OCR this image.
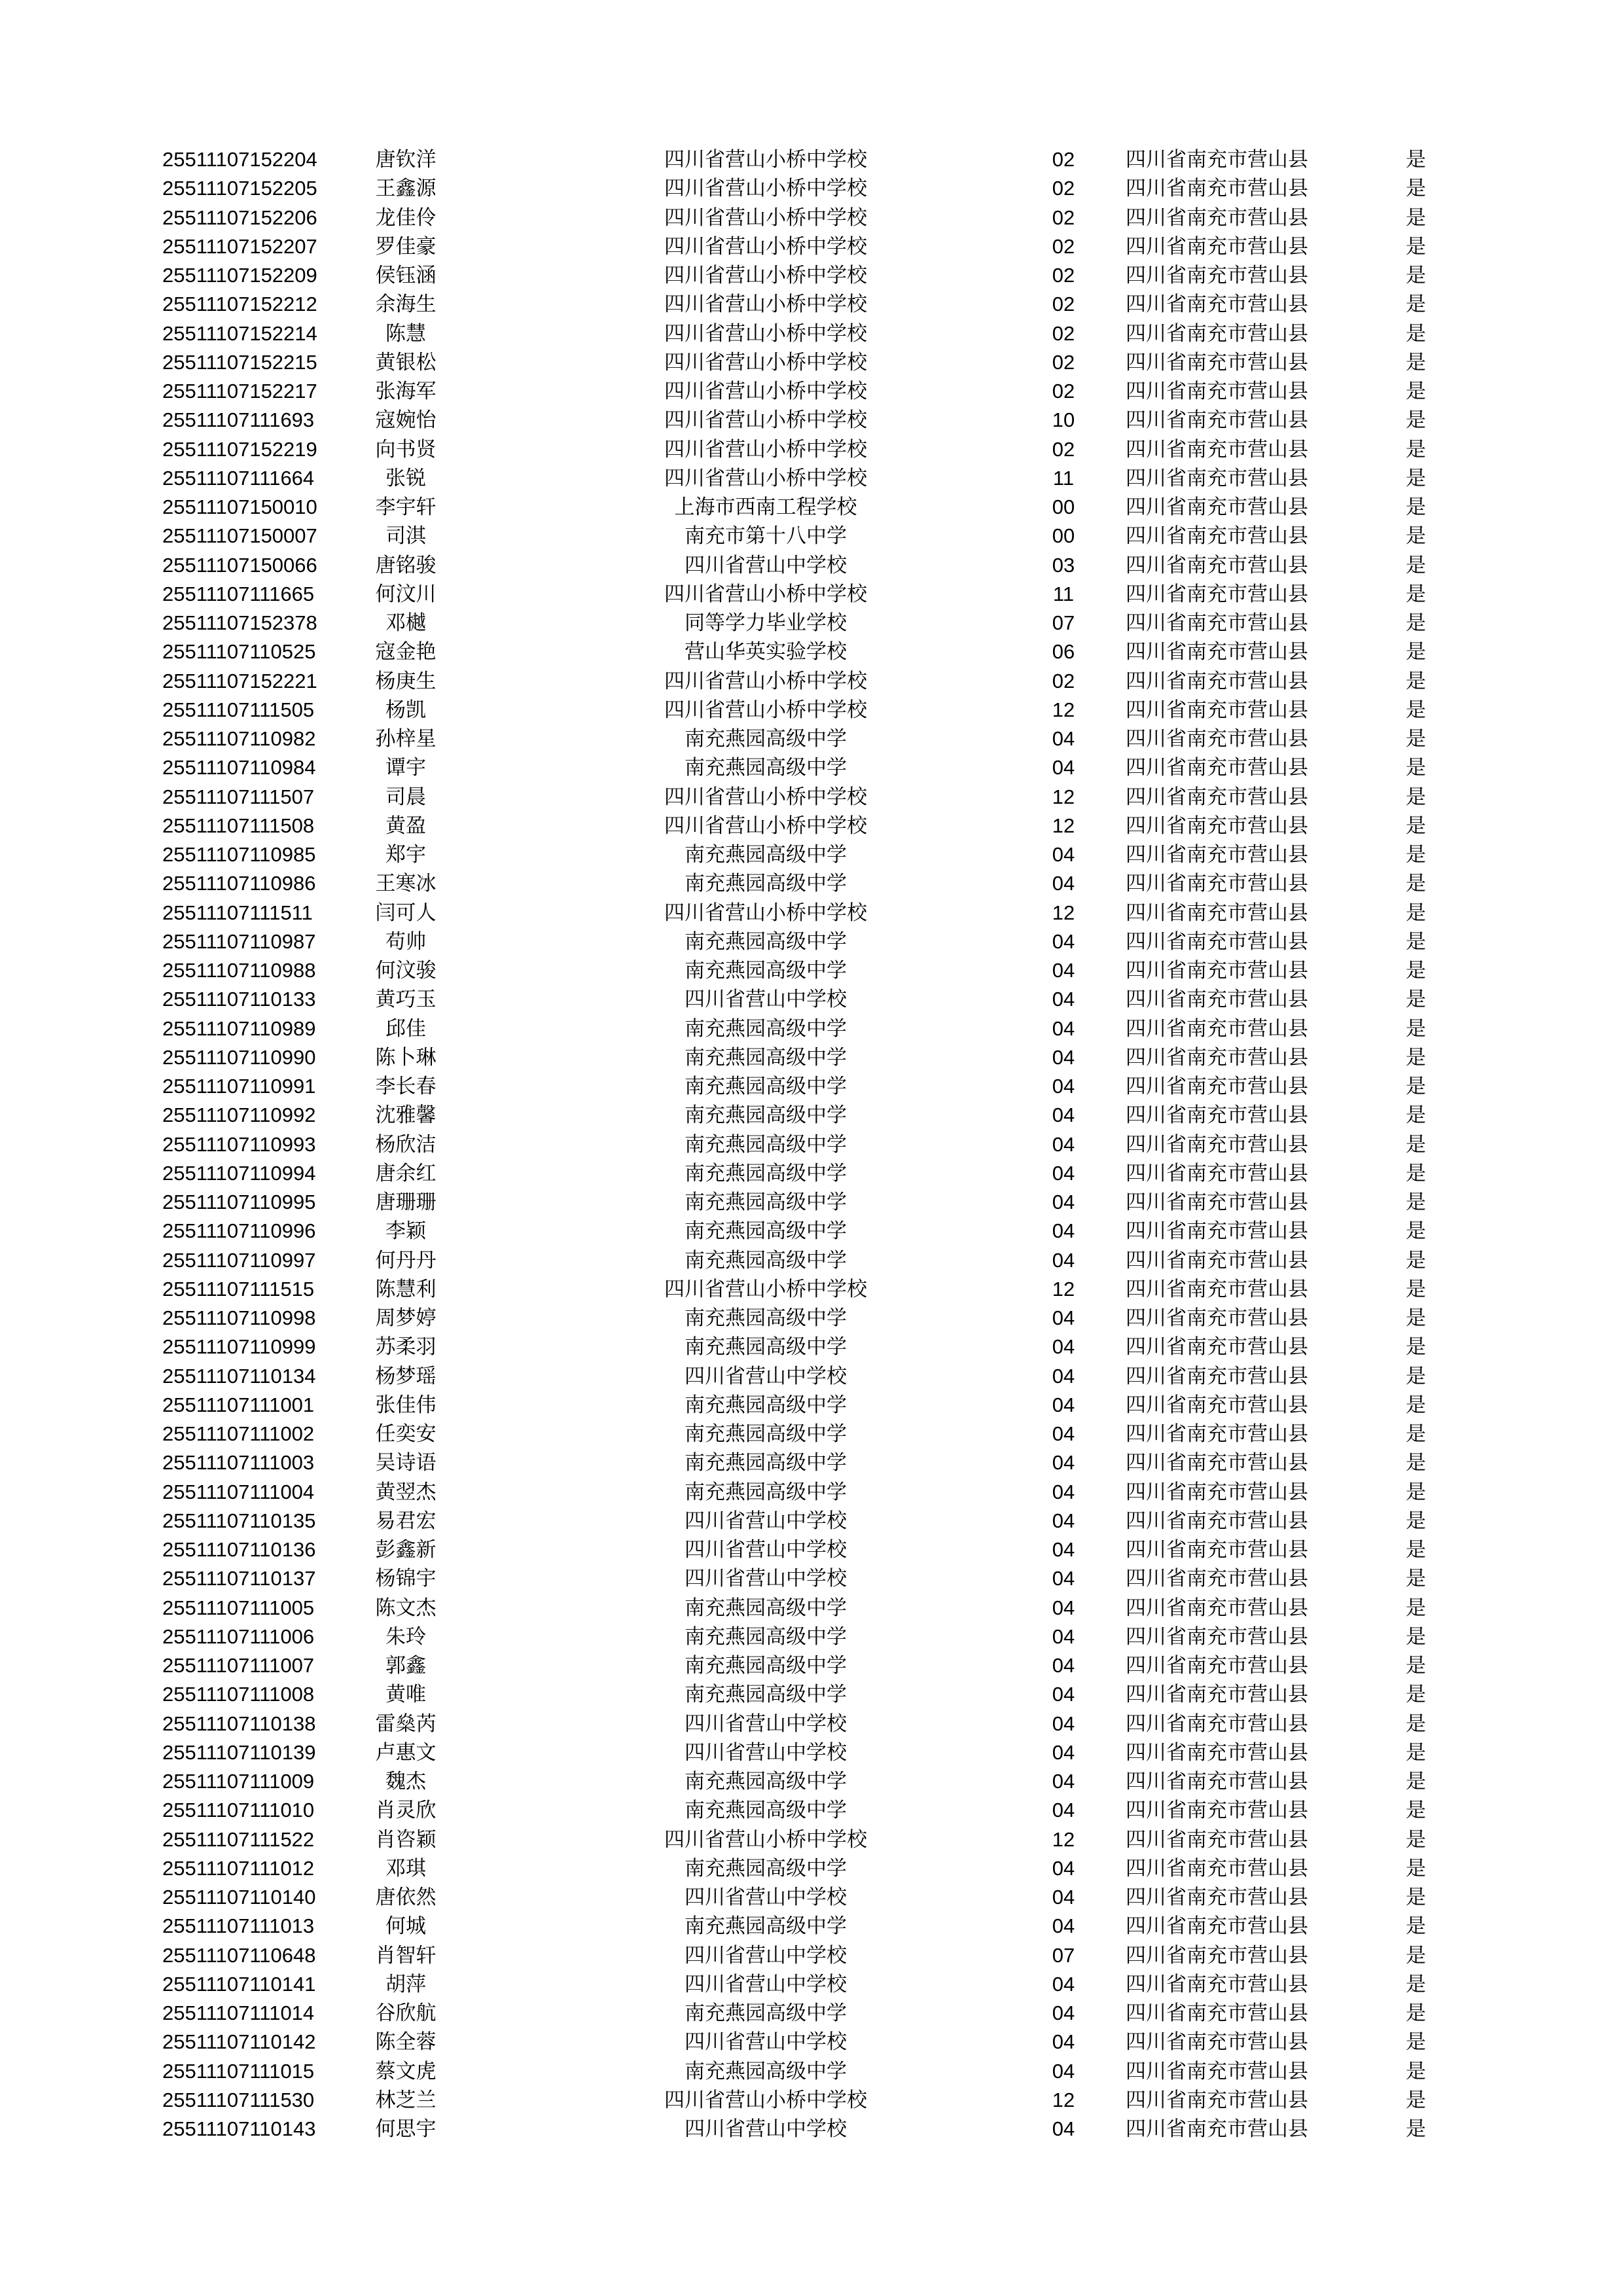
25511107152204	唐钦洋	四川省营山小桥中学校	02	四川省南充市营山县	是
25511107152205	王鑫源	四川省营山小桥中学校	02	四川省南充市营山县	是
25511107152206	龙佳伶	四川省营山小桥中学校	02	四川省南充市营山县	是
25511107152207	罗佳豪	四川省营山小桥中学校	02	四川省南充市营山县	是
25511107152209	侯钰涵	四川省营山小桥中学校	02	四川省南充市营山县	是
25511107152212	余海生	四川省营山小桥中学校	02	四川省南充市营山县	是
25511107152214	陈慧	四川省营山小桥中学校	02	四川省南充市营山县	是
25511107152215	黄银松	四川省营山小桥中学校	02	四川省南充市营山县	是
25511107152217	张海军	四川省营山小桥中学校	02	四川省南充市营山县	是
25511107111693	寇婉怡	四川省营山小桥中学校	10	四川省南充市营山县	是
25511107152219	向书贤	四川省营山小桥中学校	02	四川省南充市营山县	是
25511107111664	张锐	四川省营山小桥中学校	11	四川省南充市营山县	是
25511107150010	李宇轩	上海市西南工程学校	00	四川省南充市营山县	是
25511107150007	司淇	南充市第十八中学	00	四川省南充市营山县	是
25511107150066	唐铭骏	四川省营山中学校	03	四川省南充市营山县	是
25511107111665	何汶川	四川省营山小桥中学校	11	四川省南充市营山县	是
25511107152378	邓樾	同等学力毕业学校	07	四川省南充市营山县	是
25511107110525	寇金艳	营山华英实验学校	06	四川省南充市营山县	是
25511107152221	杨庚生	四川省营山小桥中学校	02	四川省南充市营山县	是
25511107111505	杨凯	四川省营山小桥中学校	12	四川省南充市营山县	是
25511107110982	孙梓星	南充燕园高级中学	04	四川省南充市营山县	是
25511107110984	谭宇	南充燕园高级中学	04	四川省南充市营山县	是
25511107111507	司晨	四川省营山小桥中学校	12	四川省南充市营山县	是
25511107111508	黄盈	四川省营山小桥中学校	12	四川省南充市营山县	是
25511107110985	郑宇	南充燕园高级中学	04	四川省南充市营山县	是
25511107110986	王寒冰	南充燕园高级中学	04	四川省南充市营山县	是
25511107111511	闫可人	四川省营山小桥中学校	12	四川省南充市营山县	是
25511107110987	苟帅	南充燕园高级中学	04	四川省南充市营山县	是
25511107110988	何汶骏	南充燕园高级中学	04	四川省南充市营山县	是
25511107110133	黄巧玉	四川省营山中学校	04	四川省南充市营山县	是
25511107110989	邱佳	南充燕园高级中学	04	四川省南充市营山县	是
25511107110990	陈卜琳	南充燕园高级中学	04	四川省南充市营山县	是
25511107110991	李长春	南充燕园高级中学	04	四川省南充市营山县	是
25511107110992	沈雅馨	南充燕园高级中学	04	四川省南充市营山县	是
25511107110993	杨欣洁	南充燕园高级中学	04	四川省南充市营山县	是
25511107110994	唐余红	南充燕园高级中学	04	四川省南充市营山县	是
25511107110995	唐珊珊	南充燕园高级中学	04	四川省南充市营山县	是
25511107110996	李颖	南充燕园高级中学	04	四川省南充市营山县	是
25511107110997	何丹丹	南充燕园高级中学	04	四川省南充市营山县	是
25511107111515	陈慧利	四川省营山小桥中学校	12	四川省南充市营山县	是
25511107110998	周梦婷	南充燕园高级中学	04	四川省南充市营山县	是
25511107110999	苏柔羽	南充燕园高级中学	04	四川省南充市营山县	是
25511107110134	杨梦瑶	四川省营山中学校	04	四川省南充市营山县	是
25511107111001	张佳伟	南充燕园高级中学	04	四川省南充市营山县	是
25511107111002	任奕安	南充燕园高级中学	04	四川省南充市营山县	是
25511107111003	吴诗语	南充燕园高级中学	04	四川省南充市营山县	是
25511107111004	黄翌杰	南充燕园高级中学	04	四川省南充市营山县	是
25511107110135	易君宏	四川省营山中学校	04	四川省南充市营山县	是
25511107110136	彭鑫新	四川省营山中学校	04	四川省南充市营山县	是
25511107110137	杨锦宇	四川省营山中学校	04	四川省南充市营山县	是
25511107111005	陈文杰	南充燕园高级中学	04	四川省南充市营山县	是
25511107111006	朱玲	南充燕园高级中学	04	四川省南充市营山县	是
25511107111007	郭鑫	南充燕园高级中学	04	四川省南充市营山县	是
25511107111008	黄唯	南充燕园高级中学	04	四川省南充市营山县	是
25511107110138	雷燊芮	四川省营山中学校	04	四川省南充市营山县	是
25511107110139	卢惠文	四川省营山中学校	04	四川省南充市营山县	是
25511107111009	魏杰	南充燕园高级中学	04	四川省南充市营山县	是
25511107111010	肖灵欣	南充燕园高级中学	04	四川省南充市营山县	是
25511107111522	肖咨颖	四川省营山小桥中学校	12	四川省南充市营山县	是
25511107111012	邓琪	南充燕园高级中学	04	四川省南充市营山县	是
25511107110140	唐依然	四川省营山中学校	04	四川省南充市营山县	是
25511107111013	何城	南充燕园高级中学	04	四川省南充市营山县	是
25511107110648	肖智轩	四川省营山中学校	07	四川省南充市营山县	是
25511107110141	胡萍	四川省营山中学校	04	四川省南充市营山县	是
25511107111014	谷欣航	南充燕园高级中学	04	四川省南充市营山县	是
25511107110142	陈全蓉	四川省营山中学校	04	四川省南充市营山县	是
25511107111015	蔡文虎	南充燕园高级中学	04	四川省南充市营山县	是
25511107111530	林芝兰	四川省营山小桥中学校	12	四川省南充市营山县	是
25511107110143	何思宇	四川省营山中学校	04	四川省南充市营山县	是
